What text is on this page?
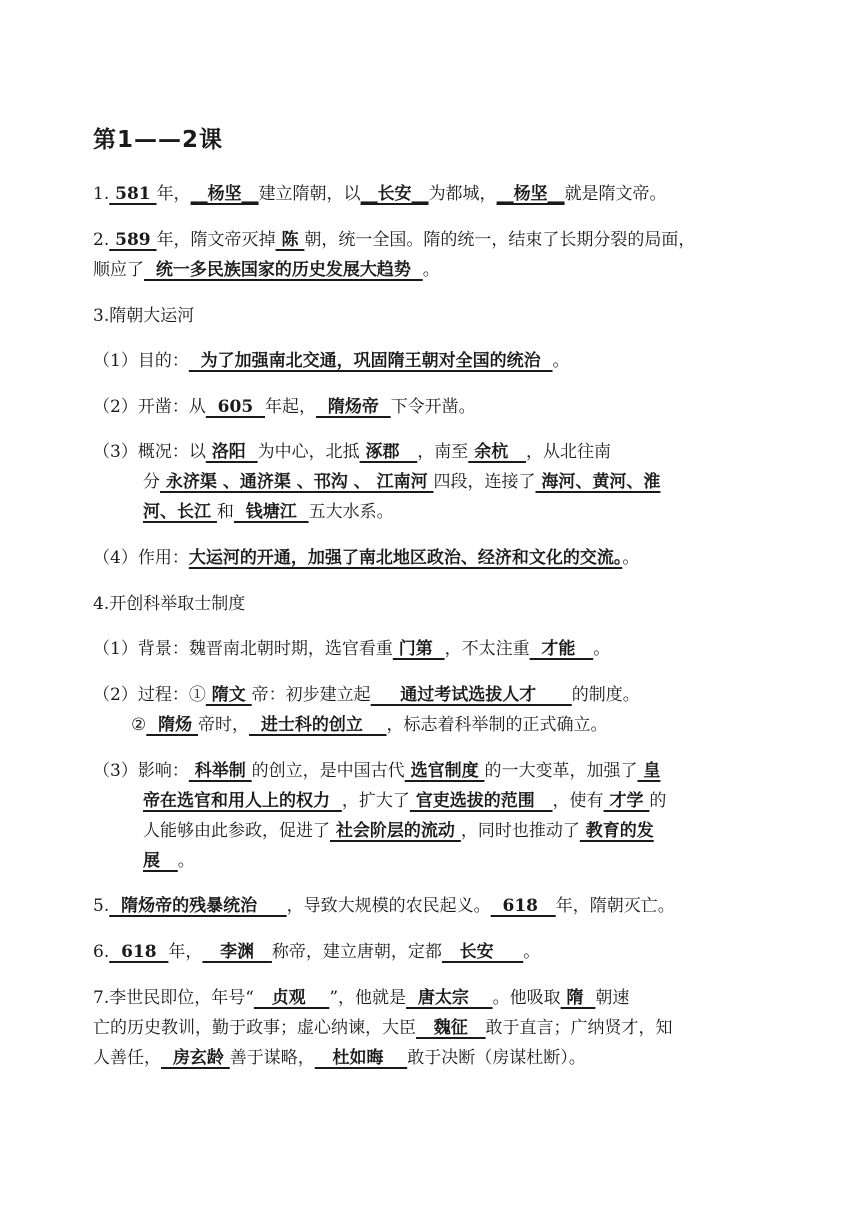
第1——2课
1. 581 年，__杨坚__建立隋朝，以__长安__为都城，__杨坚__就是隋文帝。
2. 589 年，隋文帝灭掉 陈 朝，统一全国。隋的统一，结束了长期分裂的局面，
顺应了  统一多民族国家的历史发展大趋势  。
3.隋朝大运河
（1）目的：  为了加强南北交通，巩固隋王朝对全国的统治  。
（2）开凿：从  605  年起，  隋炀帝  下令开凿。
（3）概况：以 洛阳  为中心，北抵 涿郡   ，南至 余杭   ，从北往南
分 永济渠 、通济渠 、邗沟 、 江南河 四段，连接了 海河、黄河、淮
河、长江 和  钱塘江  五大水系。
（4）作用：大运河的开通，加强了南北地区政治、经济和文化的交流。。
4.开创科举取士制度
（1）背景：魏晋南北朝时期，选官看重 门第  ，不太注重  才能   。
（2）过程：① 隋文 帝：初步建立起     通过考试选拔人才      的制度。
②  隋炀 帝时，  进士科的创立    ，标志着科举制的正式确立。
（3）影响： 科举制 的创立，是中国古代 选官制度 的一大变革，加强了 皇
帝在选官和用人上的权力  ，扩大了 官吏选拔的范围   ，使有 才学 的
人能够由此参政，促进了 社会阶层的流动 ，同时也推动了 教育的发
展   。
5.  隋炀帝的残暴统治     ，导致大规模的农民起义。  618   年，隋朝灭亡。
6.  618  年，   李渊   称帝，建立唐朝，定都   长安     。
7.李世民即位，年号“   贞观    ”，他就是  唐太宗    。他吸取 隋  朝速
亡的历史教训，勤于政事；虚心纳谏，大臣   魏征   敢于直言；广纳贤才，知
人善任，  房玄龄 善于谋略，   杜如晦    敢于决断（房谋杜断）。
